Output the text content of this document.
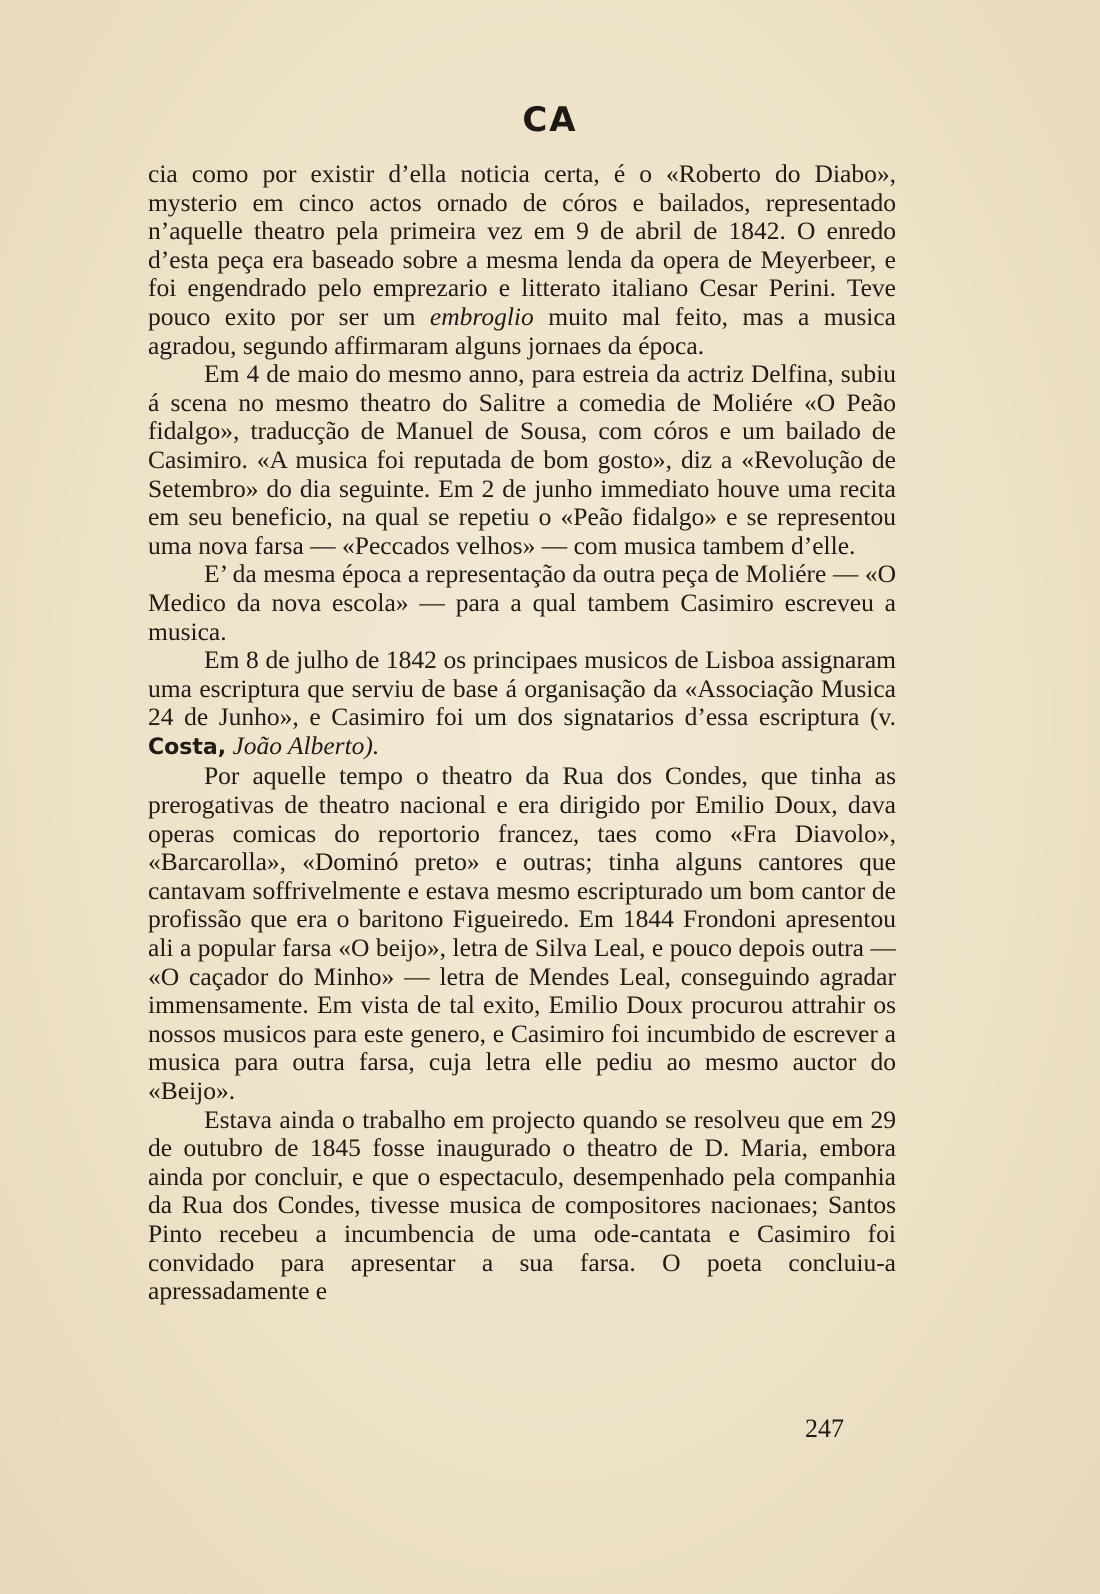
CA

cia como por existir d’ella noticia certa, é o «Roberto do Diabo», mysterio em cinco actos ornado de córos e bailados, representado n’aquelle theatro pela primeira vez em 9 de abril de 1842. O enredo d’esta peça era baseado sobre a mesma lenda da opera de Meyerbeer, e foi engendrado pelo emprezario e litterato italiano Cesar Perini. Teve pouco exito por ser um embroglio muito mal feito, mas a musica agradou, segundo affirmaram alguns jornaes da época.

Em 4 de maio do mesmo anno, para estreia da actriz Delfina, subiu á scena no mesmo theatro do Salitre a comedia de Moliére «O Peão fidalgo», traducção de Manuel de Sousa, com córos e um bailado de Casimiro. «A musica foi reputada de bom gosto», diz a «Revolução de Setembro» do dia seguinte. Em 2 de junho immediato houve uma recita em seu beneficio, na qual se repetiu o «Peão fidalgo» e se representou uma nova farsa — «Peccados velhos» — com musica tambem d’elle.

E’ da mesma época a representação da outra peça de Moliére — «O Medico da nova escola» — para a qual tambem Casimiro escreveu a musica.

Em 8 de julho de 1842 os principaes musicos de Lisboa assignaram uma escriptura que serviu de base á organisação da «Associação Musica 24 de Junho», e Casimiro foi um dos signatarios d’essa escriptura (v. Costa, João Alberto).

Por aquelle tempo o theatro da Rua dos Condes, que tinha as prerogativas de theatro nacional e era dirigido por Emilio Doux, dava operas comicas do reportorio francez, taes como «Fra Diavolo», «Barcarolla», «Dominó preto» e outras; tinha alguns cantores que cantavam soffrivelmente e estava mesmo escripturado um bom cantor de profissão que era o baritono Figueiredo. Em 1844 Frondoni apresentou ali a popular farsa «O beijo», letra de Silva Leal, e pouco depois outra — «O caçador do Minho» — letra de Mendes Leal, conseguindo agradar immensamente. Em vista de tal exito, Emilio Doux procurou attrahir os nossos musicos para este genero, e Casimiro foi incumbido de escrever a musica para outra farsa, cuja letra elle pediu ao mesmo auctor do «Beijo».

Estava ainda o trabalho em projecto quando se resolveu que em 29 de outubro de 1845 fosse inaugurado o theatro de D. Maria, embora ainda por concluir, e que o espectaculo, desempenhado pela companhia da Rua dos Condes, tivesse musica de compositores nacionaes; Santos Pinto recebeu a incumbencia de uma ode-cantata e Casimiro foi convidado para apresentar a sua farsa. O poeta concluiu-a apressadamente e

247
